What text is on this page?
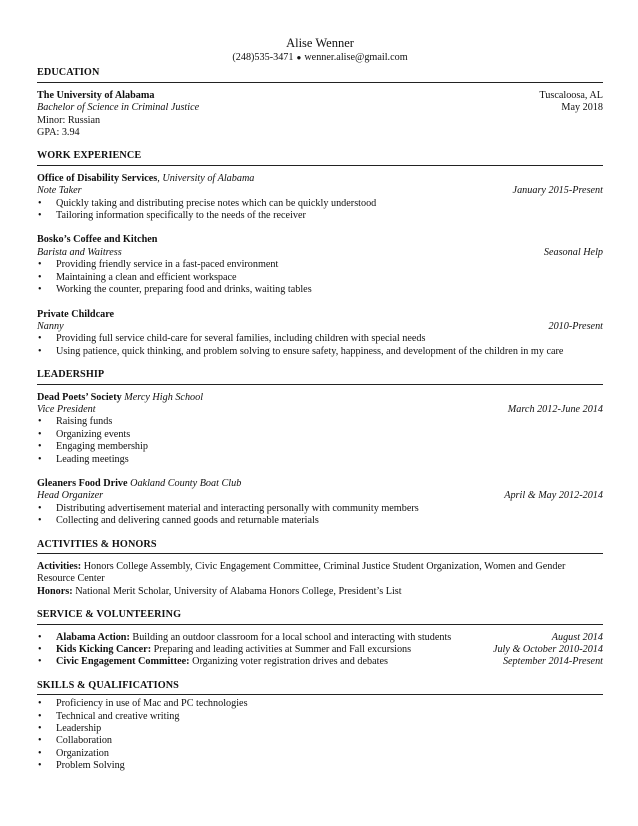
Alise Wenner
(248)535-3471 ● wenner.alise@gmail.com
EDUCATION
The University of Alabama	Tuscaloosa, AL
Bachelor of Science in Criminal Justice	May 2018
Minor: Russian
GPA: 3.94
WORK EXPERIENCE
Office of Disability Services, University of Alabama
Note Taker	January 2015-Present
• Quickly taking and distributing precise notes which can be quickly understood
• Tailoring information specifically to the needs of the receiver
Bosko’s Coffee and Kitchen
Barista and Waitress	Seasonal Help
• Providing friendly service in a fast-paced environment
• Maintaining a clean and efficient workspace
• Working the counter, preparing food and drinks, waiting tables
Private Childcare
Nanny	2010-Present
• Providing full service child-care for several families, including children with special needs
• Using patience, quick thinking, and problem solving to ensure safety, happiness, and development of the children in my care
LEADERSHIP
Dead Poets’ Society Mercy High School
Vice President	March 2012-June 2014
• Raising funds
• Organizing events
• Engaging membership
• Leading meetings
Gleaners Food Drive Oakland County Boat Club
Head Organizer	April & May 2012-2014
• Distributing advertisement material and interacting personally with community members
• Collecting and delivering canned goods and returnable materials
ACTIVITIES & HONORS
Activities: Honors College Assembly, Civic Engagement Committee, Criminal Justice Student Organization, Women and Gender Resource Center
Honors: National Merit Scholar, University of Alabama Honors College, President’s List
SERVICE & VOLUNTEERING
• Alabama Action: Building an outdoor classroom for a local school and interacting with students	August 2014
• Kids Kicking Cancer: Preparing and leading activities at Summer and Fall excursions	July & October 2010-2014
• Civic Engagement Committee: Organizing voter registration drives and debates	September 2014-Present
SKILLS & QUALIFICATIONS
• Proficiency in use of Mac and PC technologies
• Technical and creative writing
• Leadership
• Collaboration
• Organization
• Problem Solving
